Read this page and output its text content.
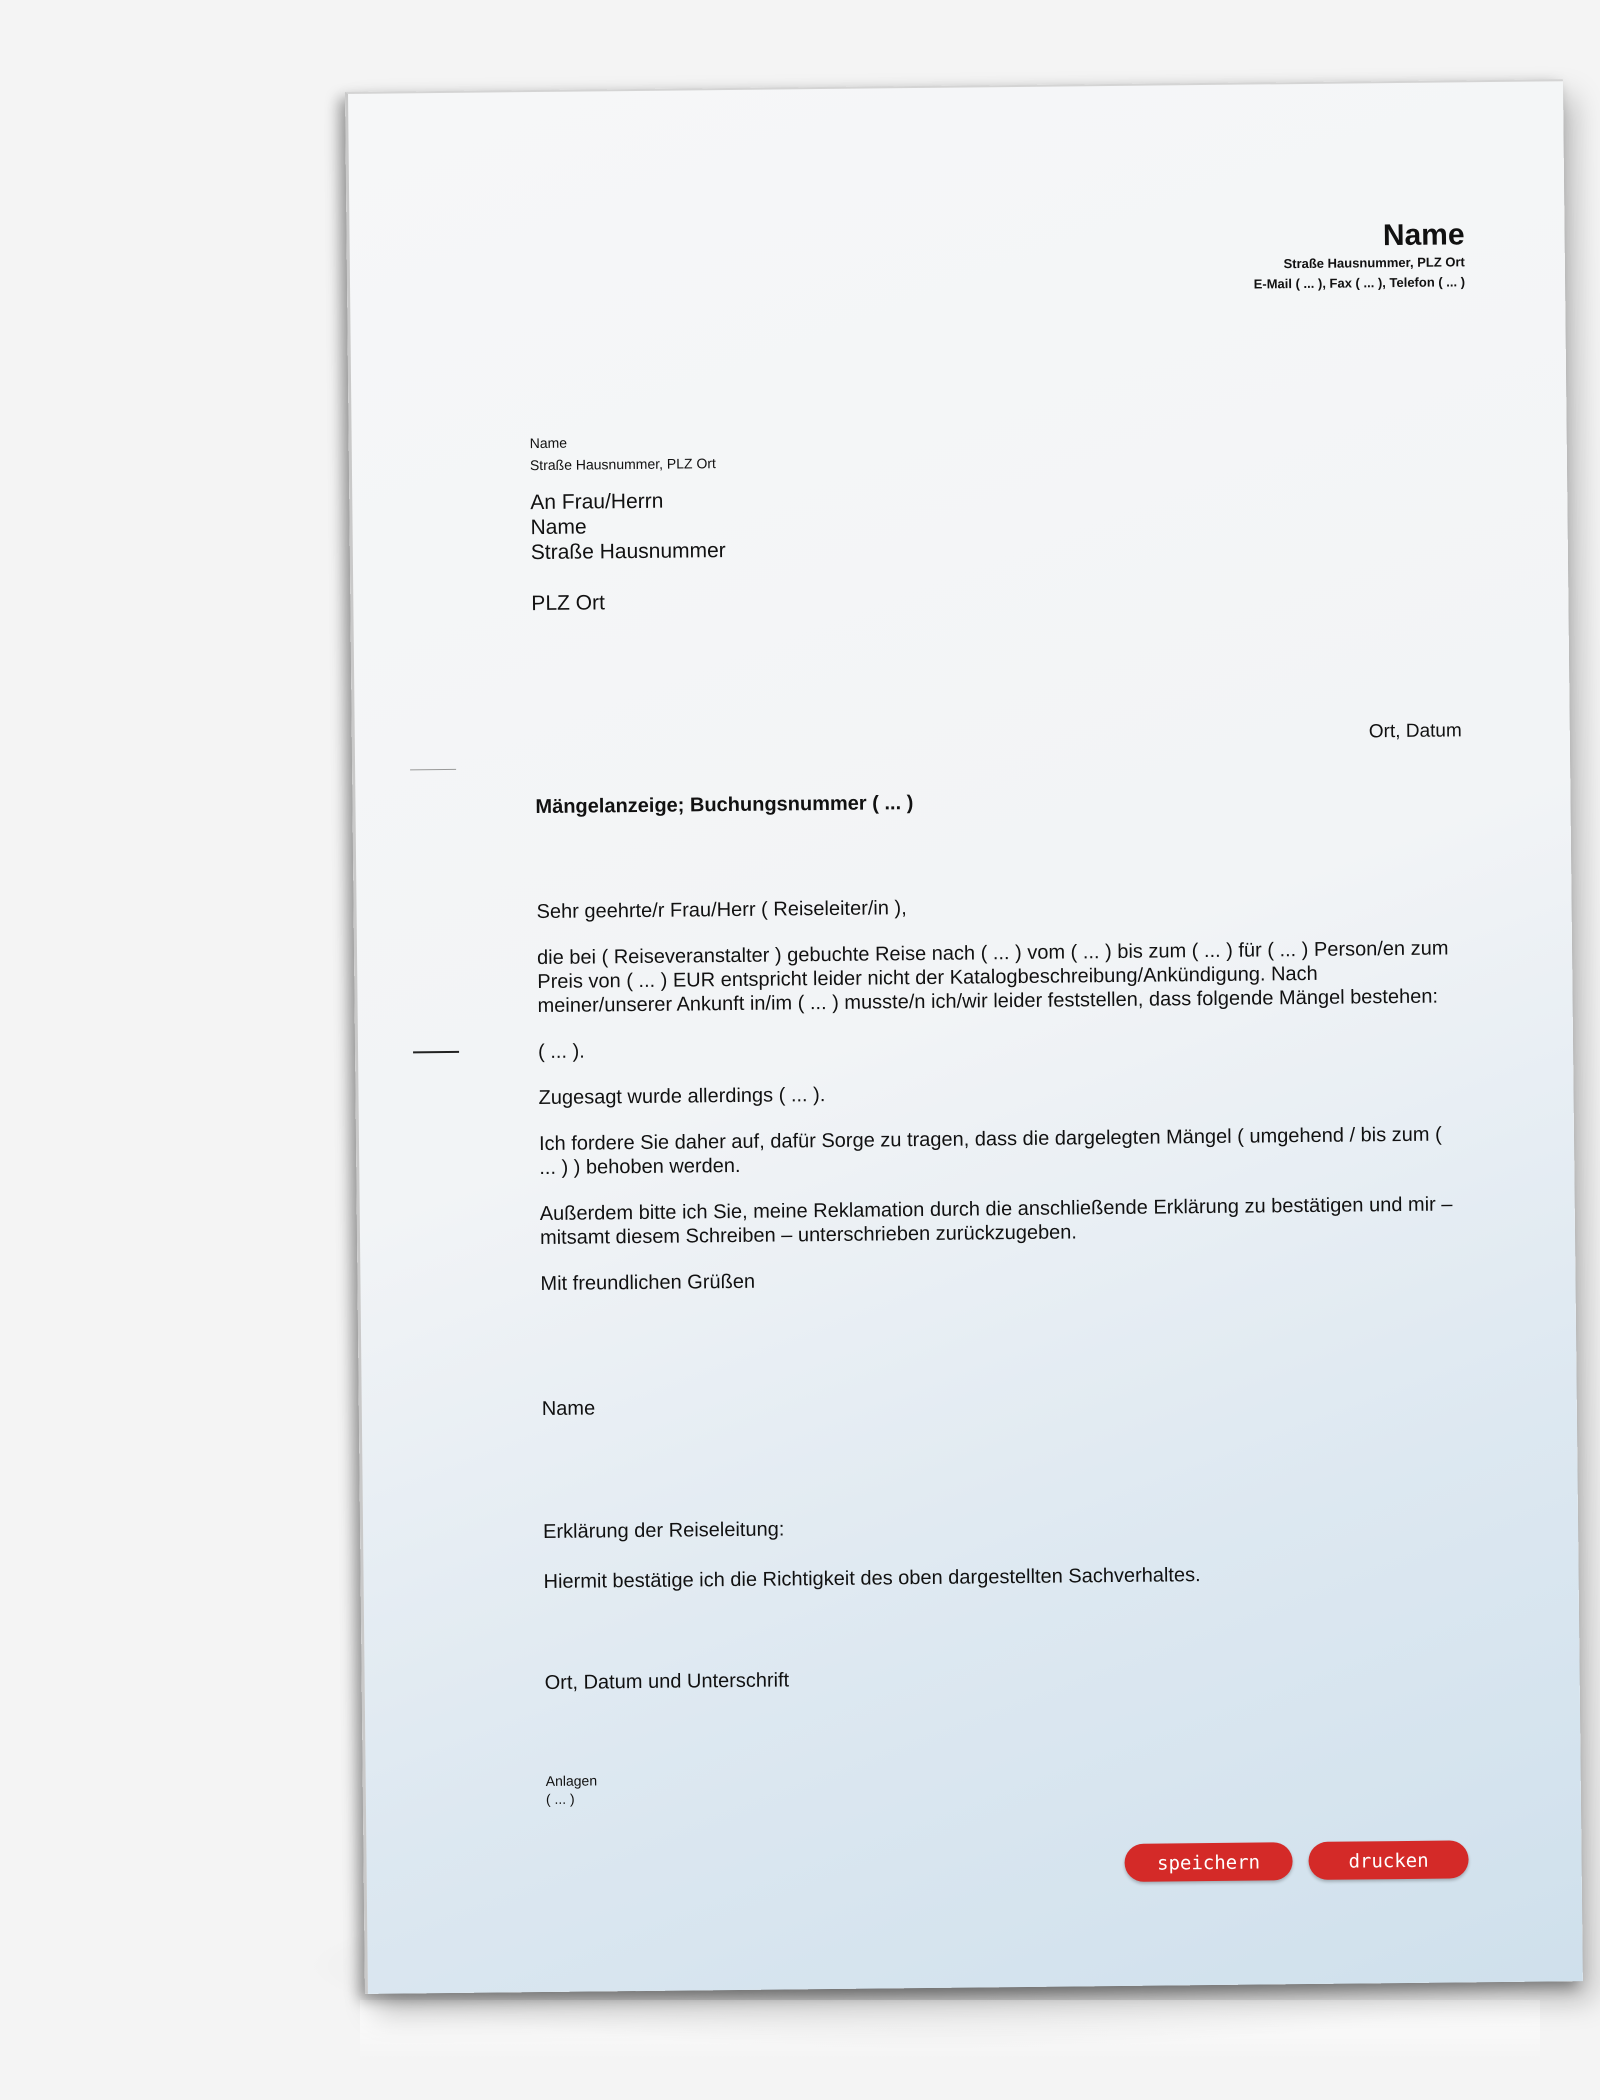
Name
Straße Hausnummer, PLZ Ort
E-Mail ( ... ), Fax ( ... ), Telefon ( ... )
Name
Straße Hausnummer, PLZ Ort
An Frau/Herrn
Name
Straße Hausnummer
PLZ Ort
Ort, Datum
Mängelanzeige; Buchungsnummer ( ... )

Sehr geehrte/r Frau/Herr ( Reiseleiter/in ),

die bei ( Reiseveranstalter ) gebuchte Reise nach ( ... ) vom ( ... ) bis zum ( ... ) für ( ... ) Person/en zum Preis von ( ... ) EUR entspricht leider nicht der Katalogbeschreibung/Ankündigung. Nach meiner/unserer Ankunft in/im ( ... ) musste/n ich/wir leider feststellen, dass folgende Mängel bestehen:

( ... ).

Zugesagt wurde allerdings ( ... ).

Ich fordere Sie daher auf, dafür Sorge zu tragen, dass die dargelegten Mängel ( umgehend / bis zum ( ... ) ) behoben werden.

Außerdem bitte ich Sie, meine Reklamation durch die anschließende Erklärung zu bestätigen und mir – mitsamt diesem Schreiben – unterschrieben zurückzugeben.

Mit freundlichen Grüßen

Name

Erklärung der Reiseleitung:

Hiermit bestätige ich die Richtigkeit des oben dargestellten Sachverhaltes.

Ort, Datum und Unterschrift
Anlagen
( ... )
speichern	drucken
